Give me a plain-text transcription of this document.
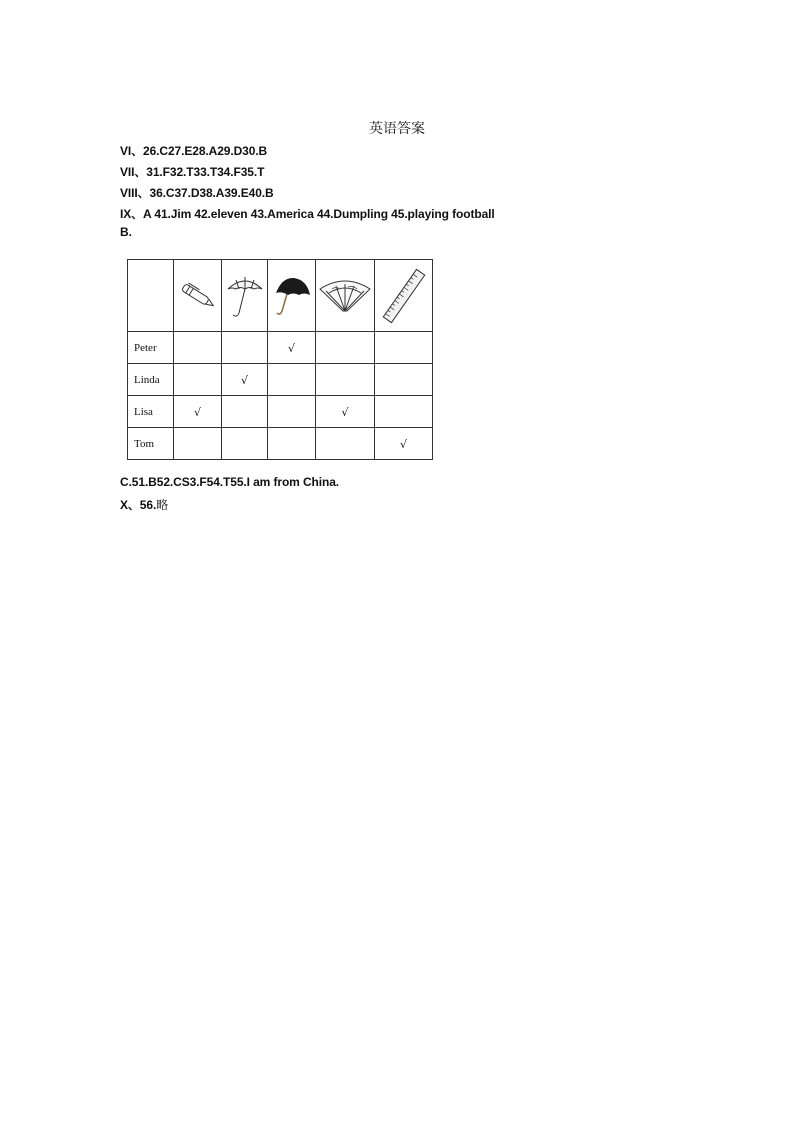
英语答案
VI、26.C27.E28.A29.D30.B
VII、31.F32.T33.T34.F35.T
VIII、36.C37.D38.A39.E40.B
IX、A 41.Jim 42.eleven 43.America 44.Dumpling 45.playing football
B.

Peter			√		
Linda		√			
Lisa	√			√	
Tom					√
C.51.B52.CS3.F54.T55.I am from China.
X、56.略
